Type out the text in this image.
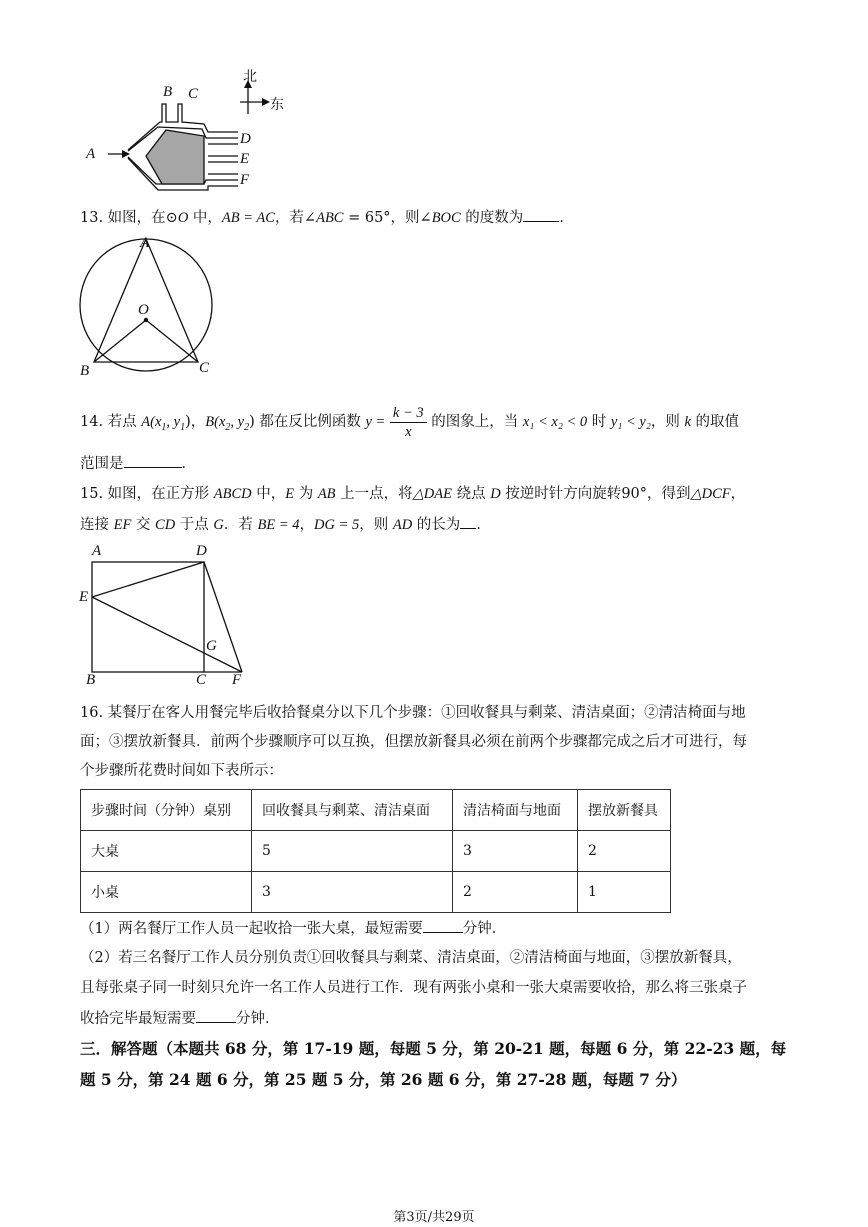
北
东
A
B C
D
E
F
13. 如图，在⊙O 中，AB = AC，若∠ABC = 65°，则∠BOC 的度数为 ．
A
O
B	C
14. 若点 $A(x_1$, $y_1$)，$B(x_2$, $y_2$) 都在反比例函数 $y = \frac{k - 3}{x}$ 的图象上，当 x₁ < x₂ < 0 时 y₁ < y₂，则 k 的取值
范围是	．
15. 如图，在正方形 ABCD 中，E 为 AB 上一点，将△DAE 绕点 D 按逆时针方向旋转90°，得到△DCF，
连接 EF 交 CD 于点 G．若 BE = 4，DG = 5，则 AD 的长为 ．
A	D
E
G
B	C F
16. 某餐厅在客人用餐完毕后收拾餐桌分以下几个步骤：①回收餐具与剩菜、清洁桌面；②清洁椅面与地
面；③摆放新餐具．前两个步骤顺序可以互换，但摆放新餐具必须在前两个步骤都完成之后才可进行，每
个步骤所花费时间如下表所示：
步骤时间（分钟）桌别	回收餐具与剩菜、清洁桌面	清洁椅面与地面	摆放新餐具
大桌	5	3	2
小桌	3	2	1
（1）两名餐厅工作人员一起收拾一张大桌，最短需要	分钟．
（2）若三名餐厅工作人员分别负责①回收餐具与剩菜、清洁桌面，②清洁椅面与地面，③摆放新餐具，
且每张桌子同一时刻只允许一名工作人员进行工作．现有两张小桌和一张大桌需要收拾，那么将三张桌子
收拾完毕最短需要	分钟．
三．解答题（本题共 68 分，第 17-19 题，每题 5 分，第 20-21 题，每题 6 分，第 22-23 题，每
题 5 分，第 24 题 6 分，第 25 题 5 分，第 26 题 6 分，第 27-28 题，每题 7 分）
第3页/共29页
